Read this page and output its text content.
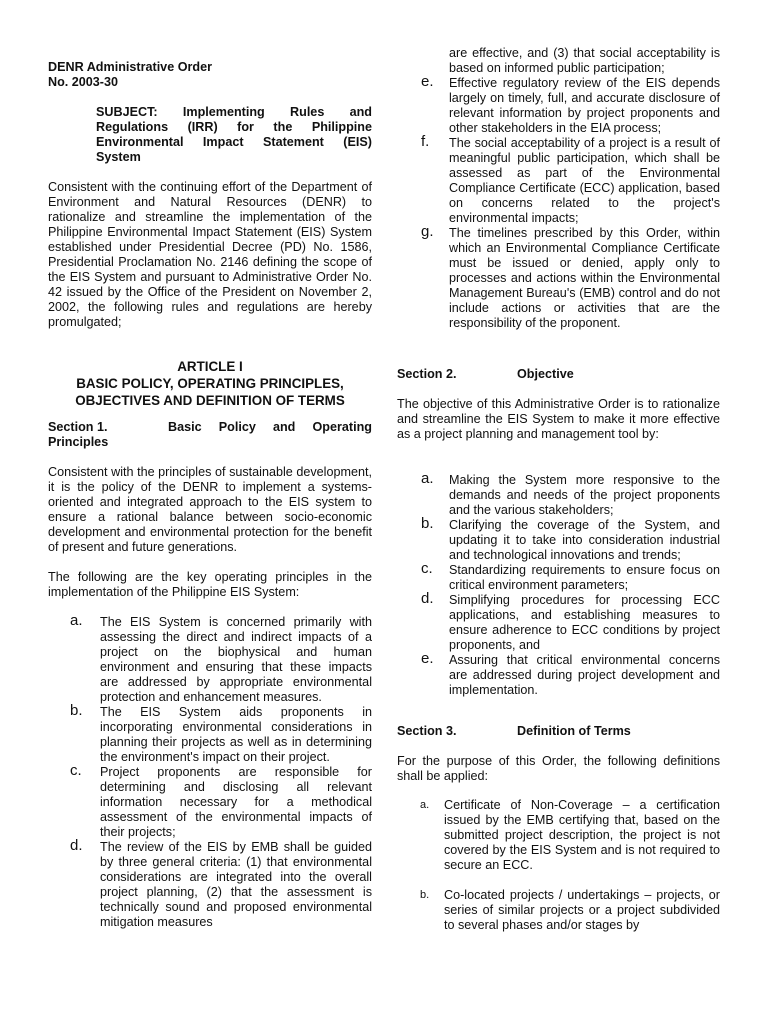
DENR Administrative Order
No. 2003-30

SUBJECT: Implementing Rules and Regulations (IRR) for the Philippine Environmental Impact Statement (EIS) System

Consistent with the continuing effort of the Department of Environment and Natural Resources (DENR) to rationalize and streamline the implementation of the Philippine Environmental Impact Statement (EIS) System established under Presidential Decree (PD) No. 1586, Presidential Proclamation No. 2146 defining the scope of the EIS System and pursuant to Administrative Order No. 42 issued by the Office of the President on November 2, 2002, the following rules and regulations are hereby promulgated;

ARTICLE I
BASIC POLICY, OPERATING PRINCIPLES,
OBJECTIVES AND DEFINITION OF TERMS
Section 1.	Basic Policy and Operating
Principles

Consistent with the principles of sustainable development, it is the policy of the DENR to implement a systems-oriented and integrated approach to the EIS system to ensure a rational balance between socio-economic development and environmental protection for the benefit of present and future generations.

The following are the key operating principles in the implementation of the Philippine EIS System:

a. The EIS System is concerned primarily with assessing the direct and indirect impacts of a project on the biophysical and human environment and ensuring that these impacts are addressed by appropriate environmental protection and enhancement measures.

b. The EIS System aids proponents in incorporating environmental considerations in planning their projects as well as in determining the environment's impact on their project.

c. Project proponents are responsible for determining and disclosing all relevant information necessary for a methodical assessment of the environmental impacts of their projects;

d. The review of the EIS by EMB shall be guided by three general criteria: (1) that environmental considerations are integrated into the overall project planning, (2) that the assessment is technically sound and proposed environmental mitigation measures

are effective, and (3) that social acceptability is based on informed public participation;

e. Effective regulatory review of the EIS depends largely on timely, full, and accurate disclosure of relevant information by project proponents and other stakeholders in the EIA process;

f. The social acceptability of a project is a result of meaningful public participation, which shall be assessed as part of the Environmental Compliance Certificate (ECC) application, based on concerns related to the project's environmental impacts;

g. The timelines prescribed by this Order, within which an Environmental Compliance Certificate must be issued or denied, apply only to processes and actions within the Environmental Management Bureau's (EMB) control and do not include actions or activities that are the responsibility of the proponent.

Section 2.	Objective

The objective of this Administrative Order is to rationalize and streamline the EIS System to make it more effective as a project planning and management tool by:

a. Making the System more responsive to the demands and needs of the project proponents and the various stakeholders;

b. Clarifying the coverage of the System, and updating it to take into consideration industrial and technological innovations and trends;

c. Standardizing requirements to ensure focus on critical environment parameters;

d. Simplifying procedures for processing ECC applications, and establishing measures to ensure adherence to ECC conditions by project proponents, and

e. Assuring that critical environmental concerns are addressed during project development and implementation.

Section 3.	Definition of Terms

For the purpose of this Order, the following definitions shall be applied:

a. Certificate of Non-Coverage – a certification issued by the EMB certifying that, based on the submitted project description, the project is not covered by the EIS System and is not required to secure an ECC.

b. Co-located projects / undertakings – projects, or series of similar projects or a project subdivided to several phases and/or stages by
